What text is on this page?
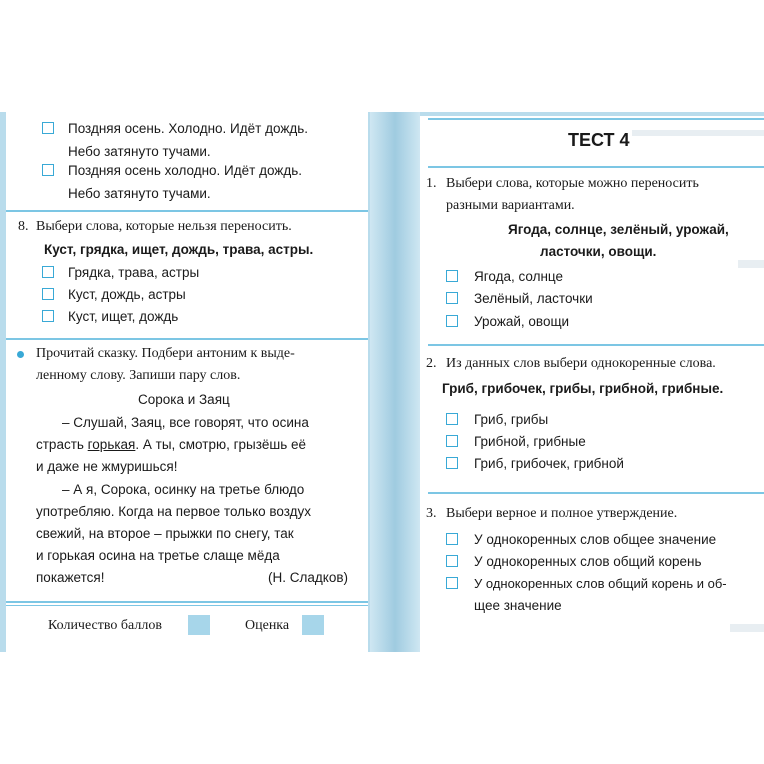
Поздняя осень. Холодно. Идёт дождь.
Небо затянуто тучами.
Поздняя осень холодно. Идёт дождь.
Небо затянуто тучами.
8. Выбери слова, которые нельзя переносить.
Куст, грядка, ищет, дождь, трава, астры.
Грядка, трава, астры
Куст, дождь, астры
Куст, ищет, дождь
Прочитай сказку. Подбери антоним к выде-
ленному слову. Запиши пару слов.
Сорока и Заяц
– Слушай, Заяц, все говорят, что осина
страсть горькая. А ты, смотрю, грызёшь её
и даже не жмуришься!
– А я, Сорока, осинку на третье блюдо
употребляю. Когда на первое только воздух
свежий, на второе – прыжки по снегу, так
и горькая осина на третье слаще мёда
покажется!	(Н. Сладков)
Количество баллов	Оценка
ТЕСТ 4
1. Выбери слова, которые можно переносить
разными вариантами.
Ягода, солнце, зелёный, урожай,
ласточки, овощи.
Ягода, солнце
Зелёный, ласточки
Урожай, овощи
2. Из данных слов выбери однокоренные слова.
Гриб, грибочек, грибы, грибной, грибные.
Гриб, грибы
Грибной, грибные
Гриб, грибочек, грибной
3. Выбери верное и полное утверждение.
У однокоренных слов общее значение
У однокоренных слов общий корень
У однокоренных слов общий корень и об-
щее значение
